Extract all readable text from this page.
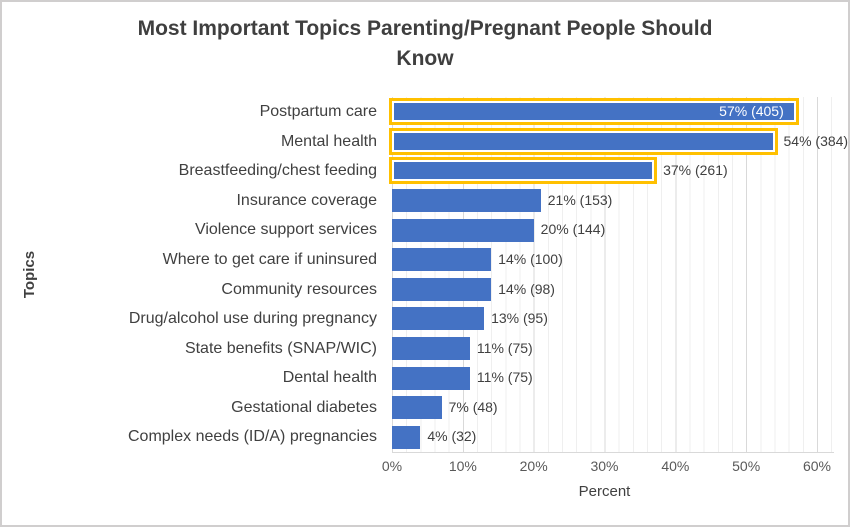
Most Important Topics Parenting/Pregnant People Should
Know
Topics
Postpartum care
Mental health
Breastfeeding/chest feeding
Insurance coverage
Violence support services
Where to get care if uninsured
Community resources
Drug/alcohol use during pregnancy
State benefits (SNAP/WIC)
Dental health
Gestational diabetes
Complex needs (ID/A) pregnancies
57% (405)
54% (384)
37% (261)
21% (153)
20% (144)
14% (100)
14% (98)
13% (95)
11% (75)
11% (75)
7% (48)
4% (32)
0%	10%	20%	30%	40%	50%	60%
Percent
